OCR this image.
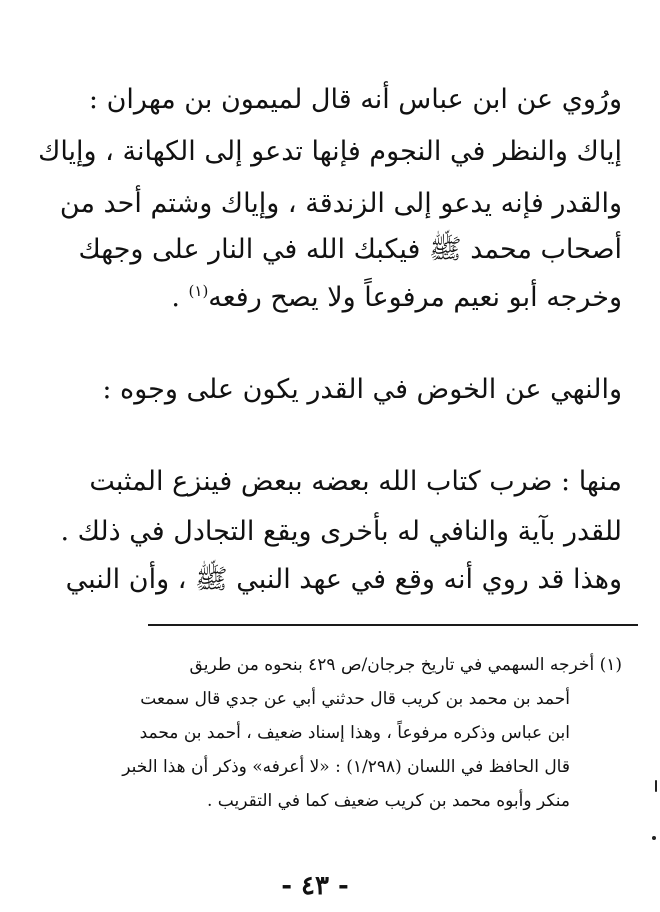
ورُوي عن ابن عباس أنه قال لميمون بن مهران :

إياك والنظر في النجوم فإنها تدعو إلى الكهانة ، وإياك

والقدر فإنه يدعو إلى الزندقة ، وإياك وشتم أحد من

أصحاب محمد ﷺ فيكبك الله في النار على وجهك

وخرجه أبو نعيم مرفوعاً ولا يصح رفعه$^{(١)}$ .

والنهي عن الخوض في القدر يكون على وجوه :

منها : ضرب كتاب الله بعضه ببعض فينزع المثبت

للقدر بآية والنافي له بأخرى ويقع التجادل في ذلك .

وهذا قد روي أنه وقع في عهد النبي ﷺ ، وأن النبي

(١) أخرجه السهمي في تاريخ جرجان/ص ٤٢٩ بنحوه من طريق

أحمد بن محمد بن كريب قال حدثني أبي عن جدي قال سمعت

ابن عباس وذكره مرفوعاً ، وهذا إسناد ضعيف ، أحمد بن محمد

قال الحافظ في اللسان (١/٢٩٨) : «لا أعرفه» وذكر أن هذا الخبر

منكر وأبوه محمد بن كريب ضعيف كما في التقريب .

- ٤٣ -
